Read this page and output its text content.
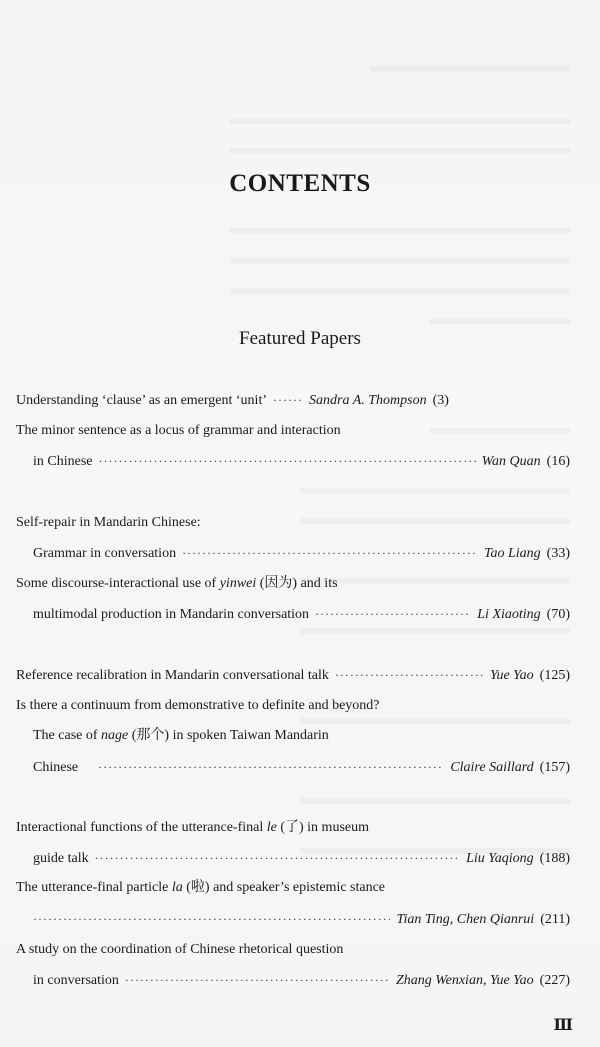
CONTENTS
Featured Papers
Understanding ‘clause’ as an emergent ‘unit’ ·····	Sandra A. Thompson (3)
The minor sentence as a locus of grammar and interaction
in Chinese ·····	Wan Quan (16)
Self-repair in Mandarin Chinese:
Grammar in conversation ·····	Tao Liang (33)
Some discourse-interactional use of yinwei (因为) and its
multimodal production in Mandarin conversation ·····	Li Xiaoting (70)
Reference recalibration in Mandarin conversational talk ·····	Yue Yao (125)
Is there a continuum from demonstrative to definite and beyond?
The case of nage (那个) in spoken Taiwan Mandarin
Chinese ·····	Claire Saillard (157)
Interactional functions of the utterance-final le (了) in museum
guide talk ·····	Liu Yaqiong (188)
The utterance-final particle la (啦) and speaker’s epistemic stance
·····
Tian Ting, Chen Qianrui (211)
A study on the coordination of Chinese rhetorical question
in conversation ·····	Zhang Wenxian, Yue Yao (227)
Ⅲ
